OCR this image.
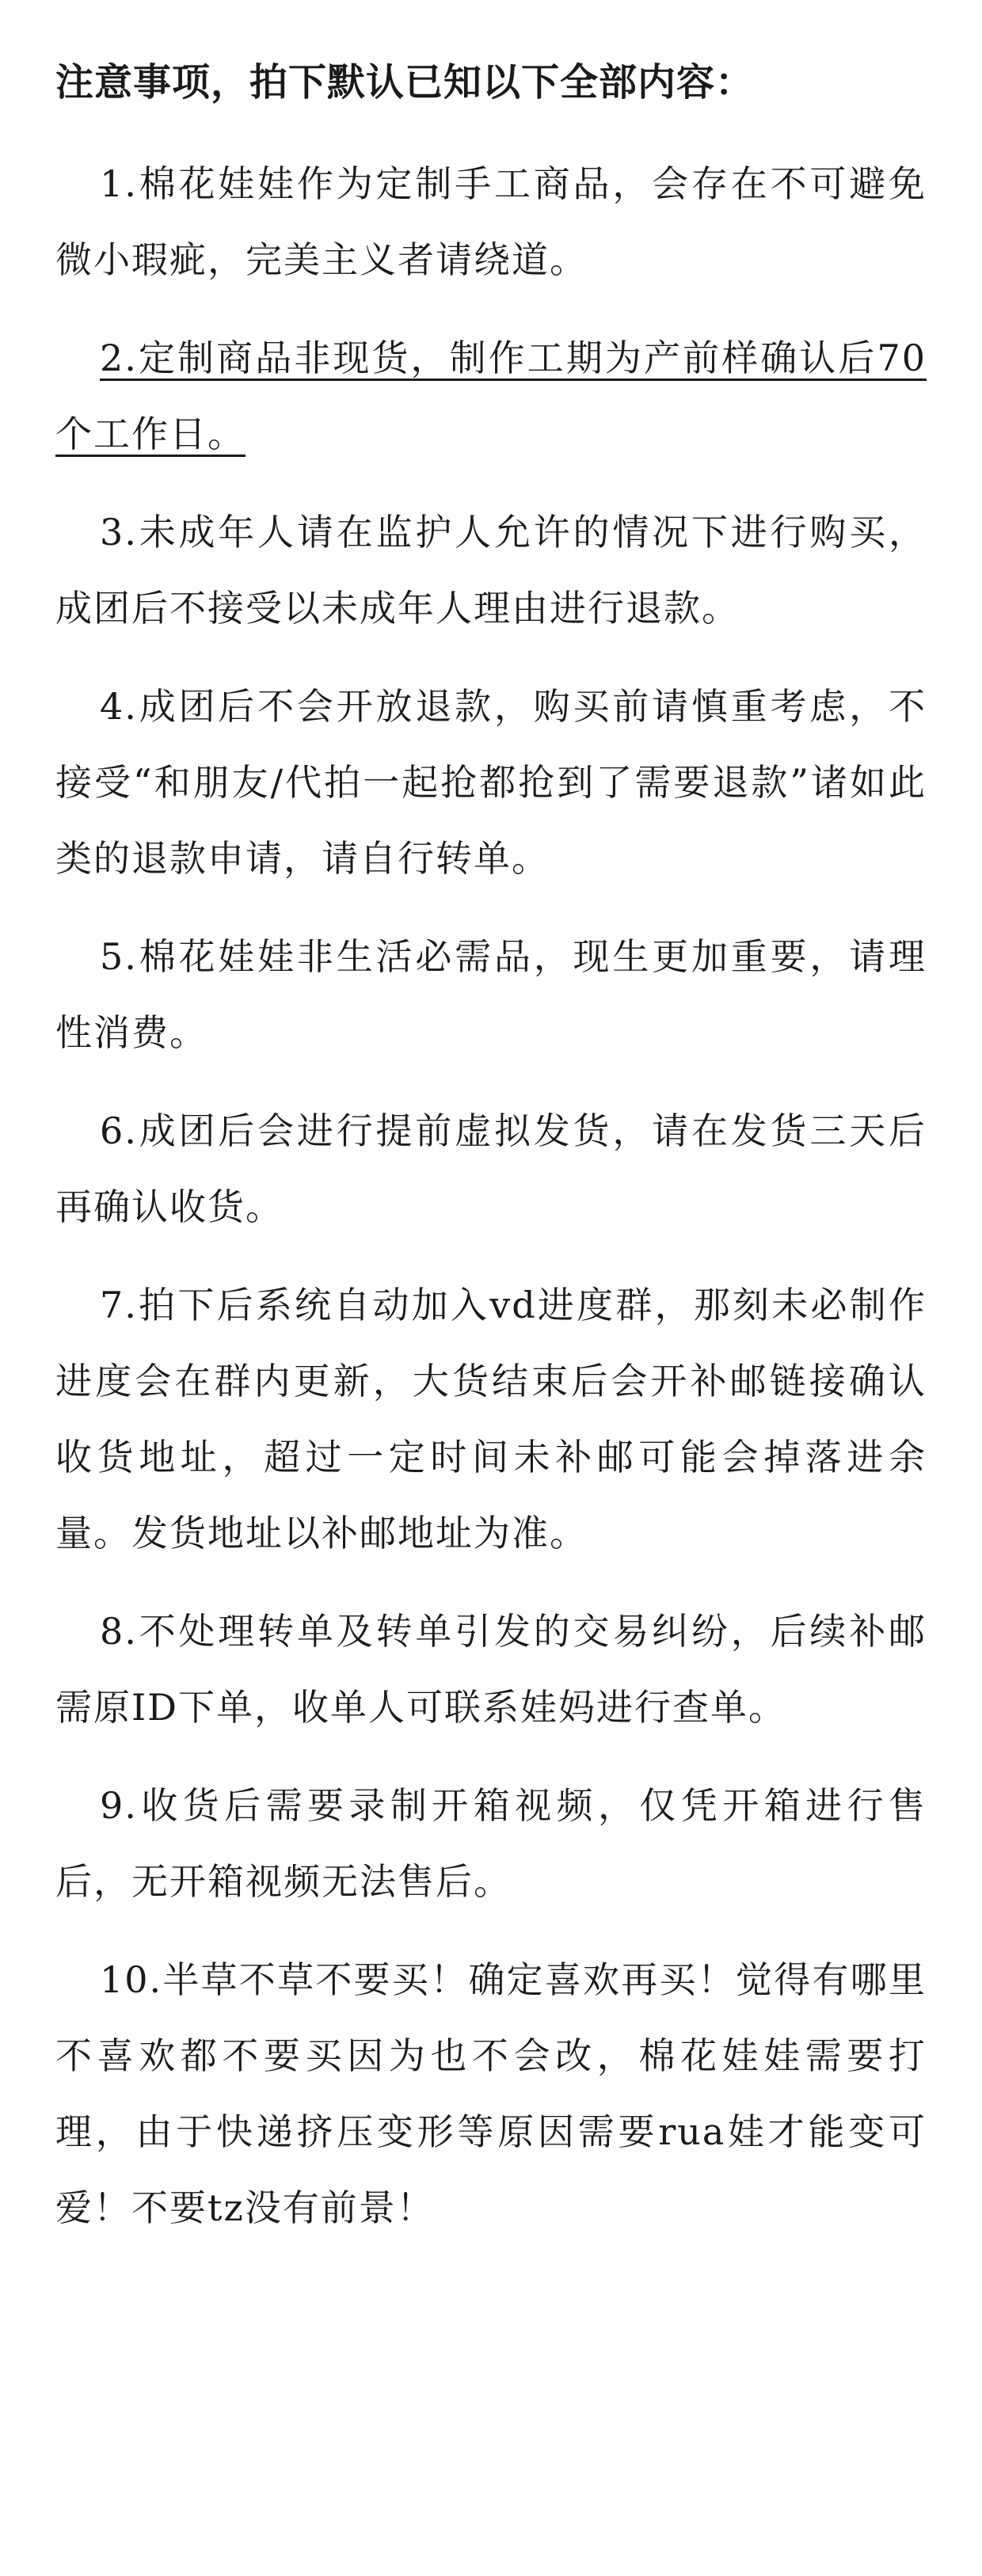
注意事项，拍下默认已知以下全部内容：
1.棉花娃娃作为定制手工商品，会存在不可避免微小瑕疵，完美主义者请绕道。
2.定制商品非现货，制作工期为产前样确认后70个工作日。
3.未成年人请在监护人允许的情况下进行购买，成团后不接受以未成年人理由进行退款。
4.成团后不会开放退款，购买前请慎重考虑，不接受“和朋友/代拍一起抢都抢到了需要退款”诸如此类的退款申请，请自行转单。
5.棉花娃娃非生活必需品，现生更加重要，请理性消费。
6.成团后会进行提前虚拟发货，请在发货三天后再确认收货。
7.拍下后系统自动加入vd进度群，那刻未必制作进度会在群内更新，大货结束后会开补邮链接确认收货地址，超过一定时间未补邮可能会掉落进余量。发货地址以补邮地址为准。
8.不处理转单及转单引发的交易纠纷，后续补邮需原ID下单，收单人可联系娃妈进行查单。
9.收货后需要录制开箱视频，仅凭开箱进行售后，无开箱视频无法售后。
10.半草不草不要买！确定喜欢再买！觉得有哪里不喜欢都不要买因为也不会改，棉花娃娃需要打理，由于快递挤压变形等原因需要rua娃才能变可爱！不要tz没有前景！
